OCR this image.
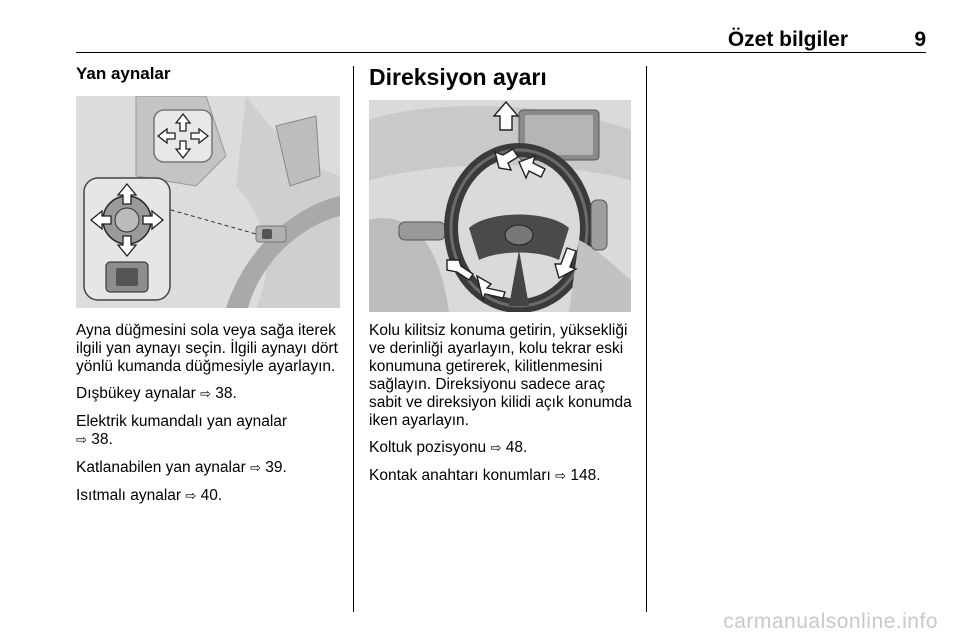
Özet bilgiler	9
Yan aynalar

Ayna düğmesini sola veya sağa iterek ilgili yan aynayı seçin. İlgili aynayı dört yönlü kumanda düğmesiyle ayarlayın.

Dışbükey aynalar ⇨ 38.

Elektrik kumandalı yan aynalar
⇨ 38.

Katlanabilen yan aynalar ⇨ 39.

Isıtmalı aynalar ⇨ 40.

Direksiyon ayarı

Kolu kilitsiz konuma getirin, yüksekliği ve derinliği ayarlayın, kolu tekrar eski konumuna getirerek, kilitlenmesini sağlayın. Direksiyonu sadece araç sabit ve direksiyon kilidi açık konumda iken ayarlayın.

Koltuk pozisyonu ⇨ 48.

Kontak anahtarı konumları ⇨ 148.

carmanualsonline.info
